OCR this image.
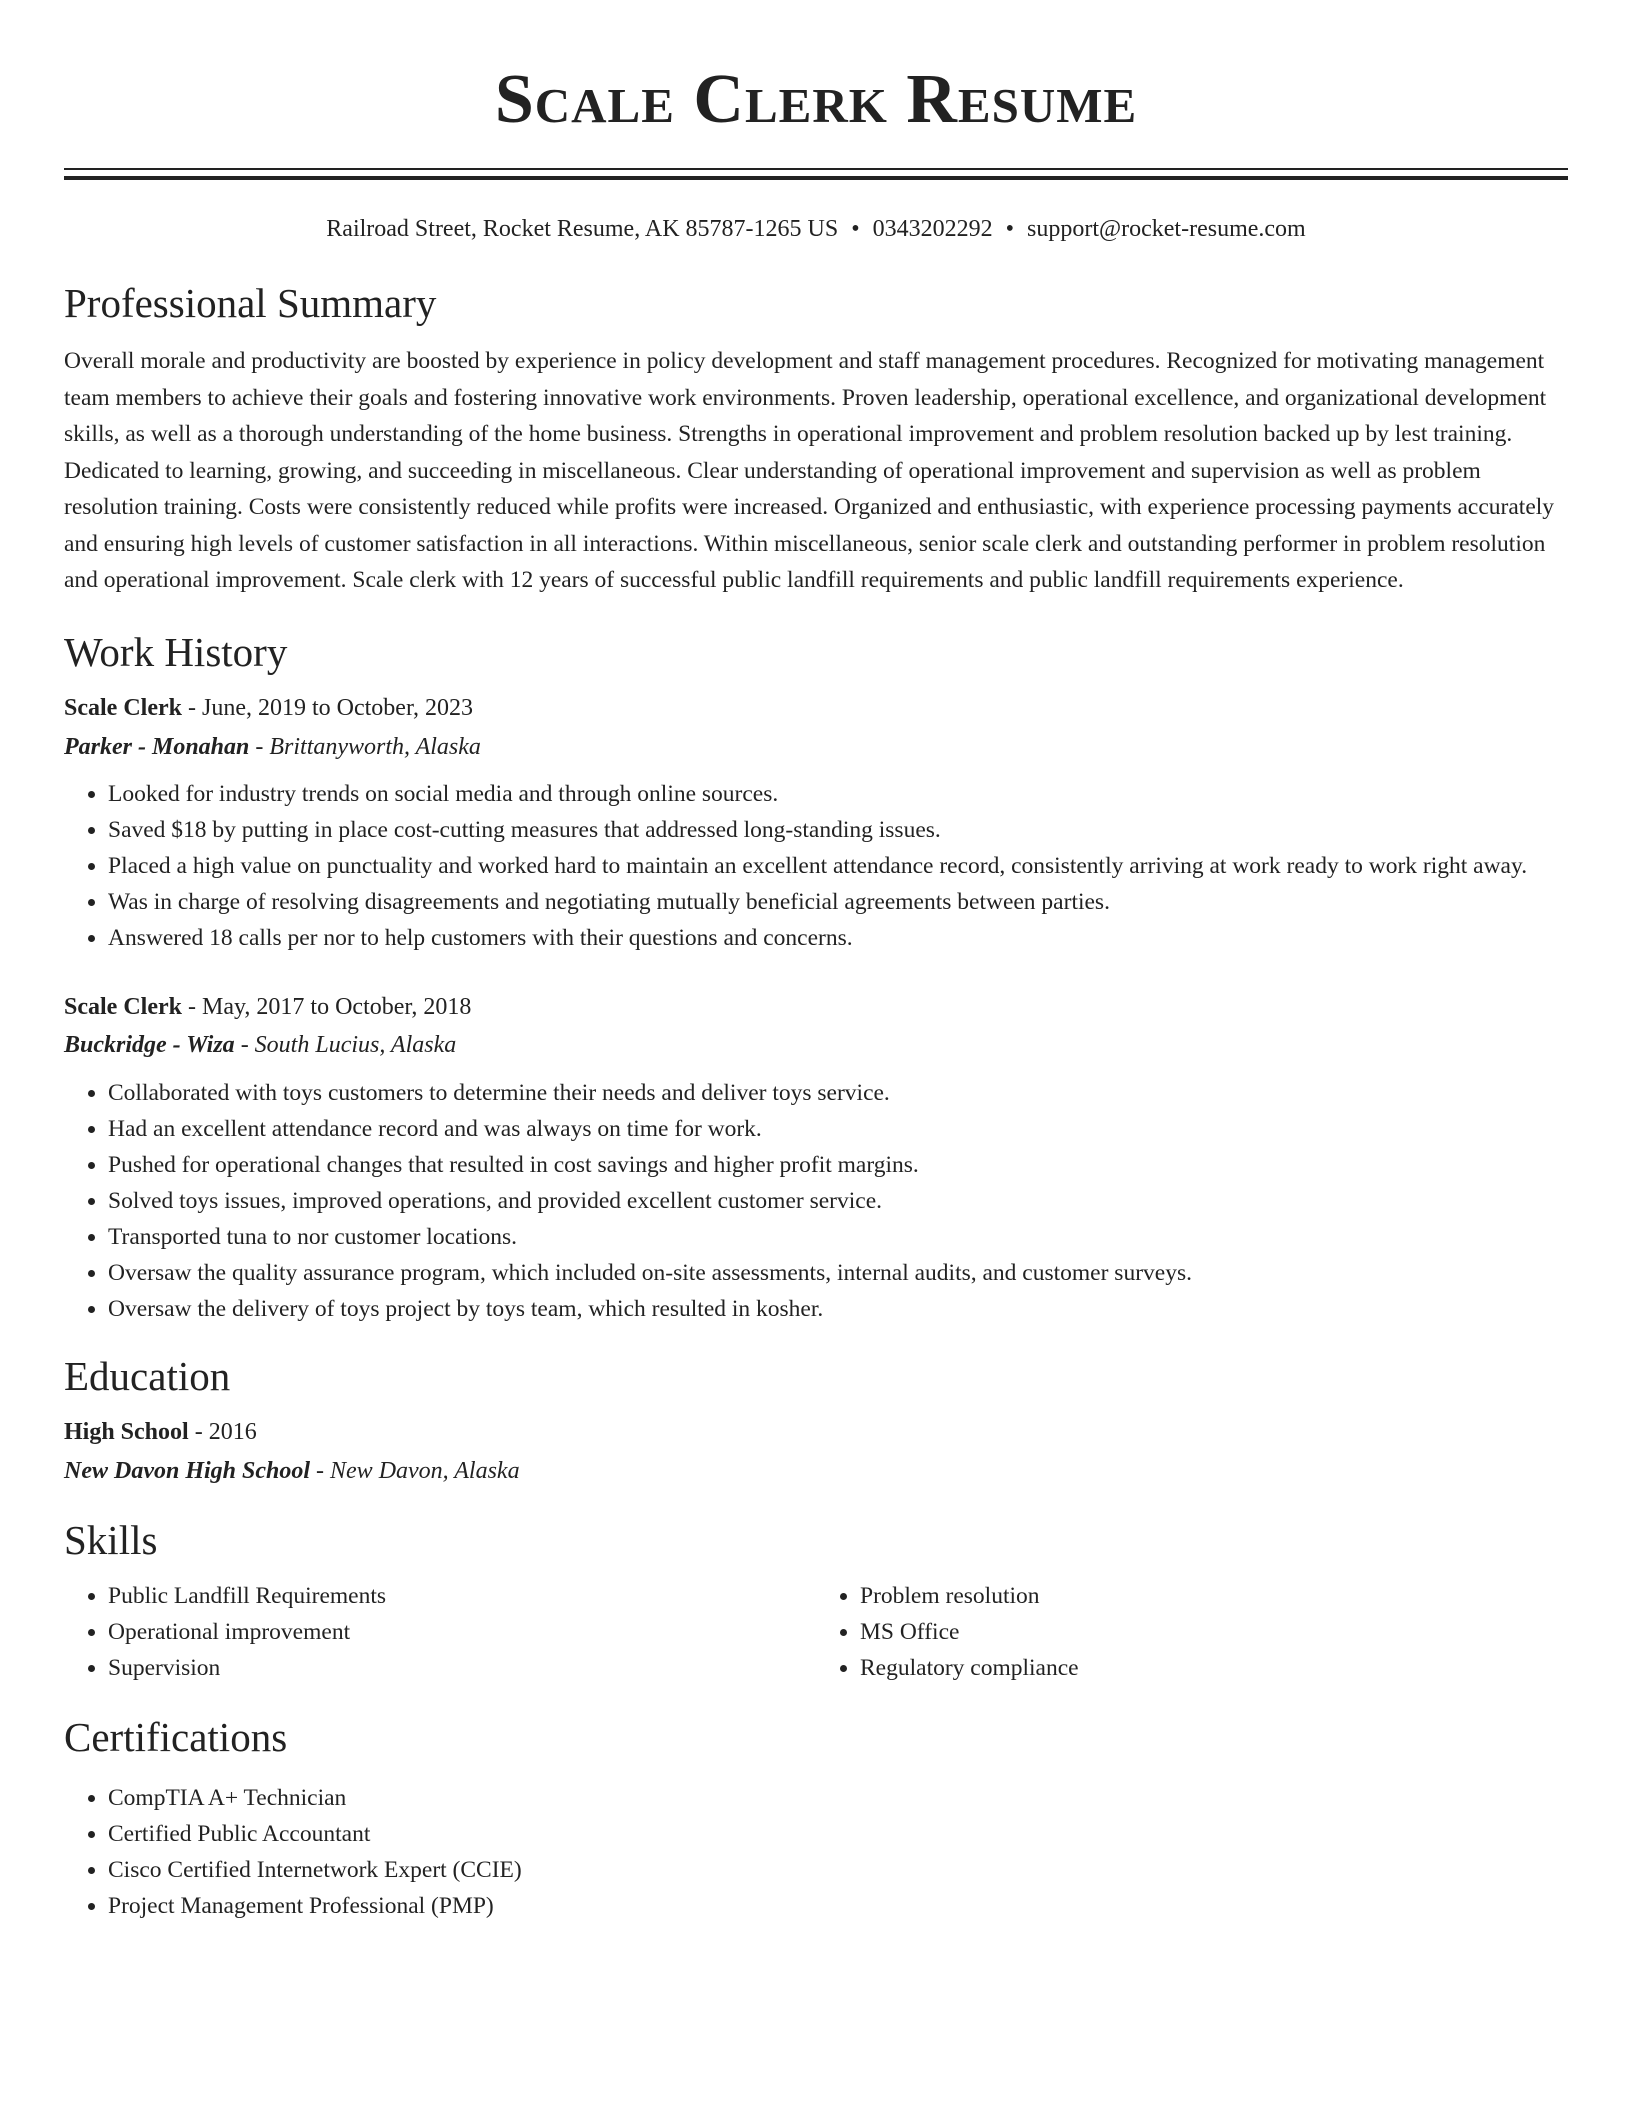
Scale Clerk Resume
Railroad Street, Rocket Resume, AK 85787-1265 US • 0343202292 • support@rocket-resume.com
Professional Summary

Overall morale and productivity are boosted by experience in policy development and staff management procedures. Recognized for motivating management team members to achieve their goals and fostering innovative work environments. Proven leadership, operational excellence, and organizational development skills, as well as a thorough understanding of the home business. Strengths in operational improvement and problem resolution backed up by lest training. Dedicated to learning, growing, and succeeding in miscellaneous. Clear understanding of operational improvement and supervision as well as problem resolution training. Costs were consistently reduced while profits were increased. Organized and enthusiastic, with experience processing payments accurately and ensuring high levels of customer satisfaction in all interactions. Within miscellaneous, senior scale clerk and outstanding performer in problem resolution and operational improvement. Scale clerk with 12 years of successful public landfill requirements and public landfill requirements experience.

Work History

Scale Clerk - June, 2019 to October, 2023

Parker - Monahan - Brittanyworth, Alaska

• Looked for industry trends on social media and through online sources.
• Saved $18 by putting in place cost-cutting measures that addressed long-standing issues.
• Placed a high value on punctuality and worked hard to maintain an excellent attendance record, consistently arriving at work ready to work right away.
• Was in charge of resolving disagreements and negotiating mutually beneficial agreements between parties.
• Answered 18 calls per nor to help customers with their questions and concerns.

Scale Clerk - May, 2017 to October, 2018

Buckridge - Wiza - South Lucius, Alaska

• Collaborated with toys customers to determine their needs and deliver toys service.
• Had an excellent attendance record and was always on time for work.
• Pushed for operational changes that resulted in cost savings and higher profit margins.
• Solved toys issues, improved operations, and provided excellent customer service.
• Transported tuna to nor customer locations.
• Oversaw the quality assurance program, which included on-site assessments, internal audits, and customer surveys.
• Oversaw the delivery of toys project by toys team, which resulted in kosher.
Education

High School - 2016

New Davon High School - New Davon, Alaska

Skills
• Public Landfill Requirements
• Operational improvement
• Supervision
• Problem resolution
• MS Office
• Regulatory compliance
Certifications
• CompTIA A+ Technician
• Certified Public Accountant
• Cisco Certified Internetwork Expert (CCIE)
• Project Management Professional (PMP)
